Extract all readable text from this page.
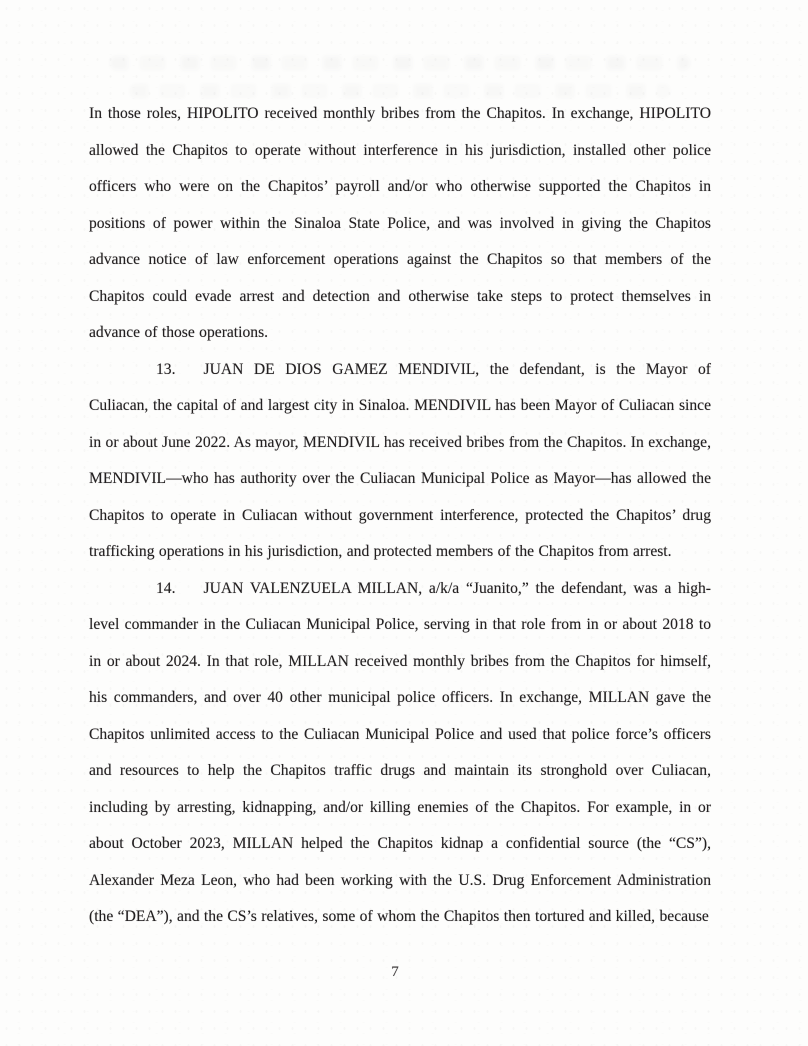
In those roles, HIPOLITO received monthly bribes from the Chapitos. In exchange, HIPOLITO allowed the Chapitos to operate without interference in his jurisdiction, installed other police officers who were on the Chapitos’ payroll and/or who otherwise supported the Chapitos in positions of power within the Sinaloa State Police, and was involved in giving the Chapitos advance notice of law enforcement operations against the Chapitos so that members of the Chapitos could evade arrest and detection and otherwise take steps to protect themselves in advance of those operations.

13. JUAN DE DIOS GAMEZ MENDIVIL, the defendant, is the Mayor of Culiacan, the capital of and largest city in Sinaloa. MENDIVIL has been Mayor of Culiacan since in or about June 2022. As mayor, MENDIVIL has received bribes from the Chapitos. In exchange, MENDIVIL—who has authority over the Culiacan Municipal Police as Mayor—has allowed the Chapitos to operate in Culiacan without government interference, protected the Chapitos’ drug trafficking operations in his jurisdiction, and protected members of the Chapitos from arrest.

14. JUAN VALENZUELA MILLAN, a/k/a “Juanito,” the defendant, was a high-level commander in the Culiacan Municipal Police, serving in that role from in or about 2018 to in or about 2024. In that role, MILLAN received monthly bribes from the Chapitos for himself, his commanders, and over 40 other municipal police officers. In exchange, MILLAN gave the Chapitos unlimited access to the Culiacan Municipal Police and used that police force’s officers and resources to help the Chapitos traffic drugs and maintain its stronghold over Culiacan, including by arresting, kidnapping, and/or killing enemies of the Chapitos. For example, in or about October 2023, MILLAN helped the Chapitos kidnap a confidential source (the “CS”), Alexander Meza Leon, who had been working with the U.S. Drug Enforcement Administration (the “DEA”), and the CS’s relatives, some of whom the Chapitos then tortured and killed, because

7
